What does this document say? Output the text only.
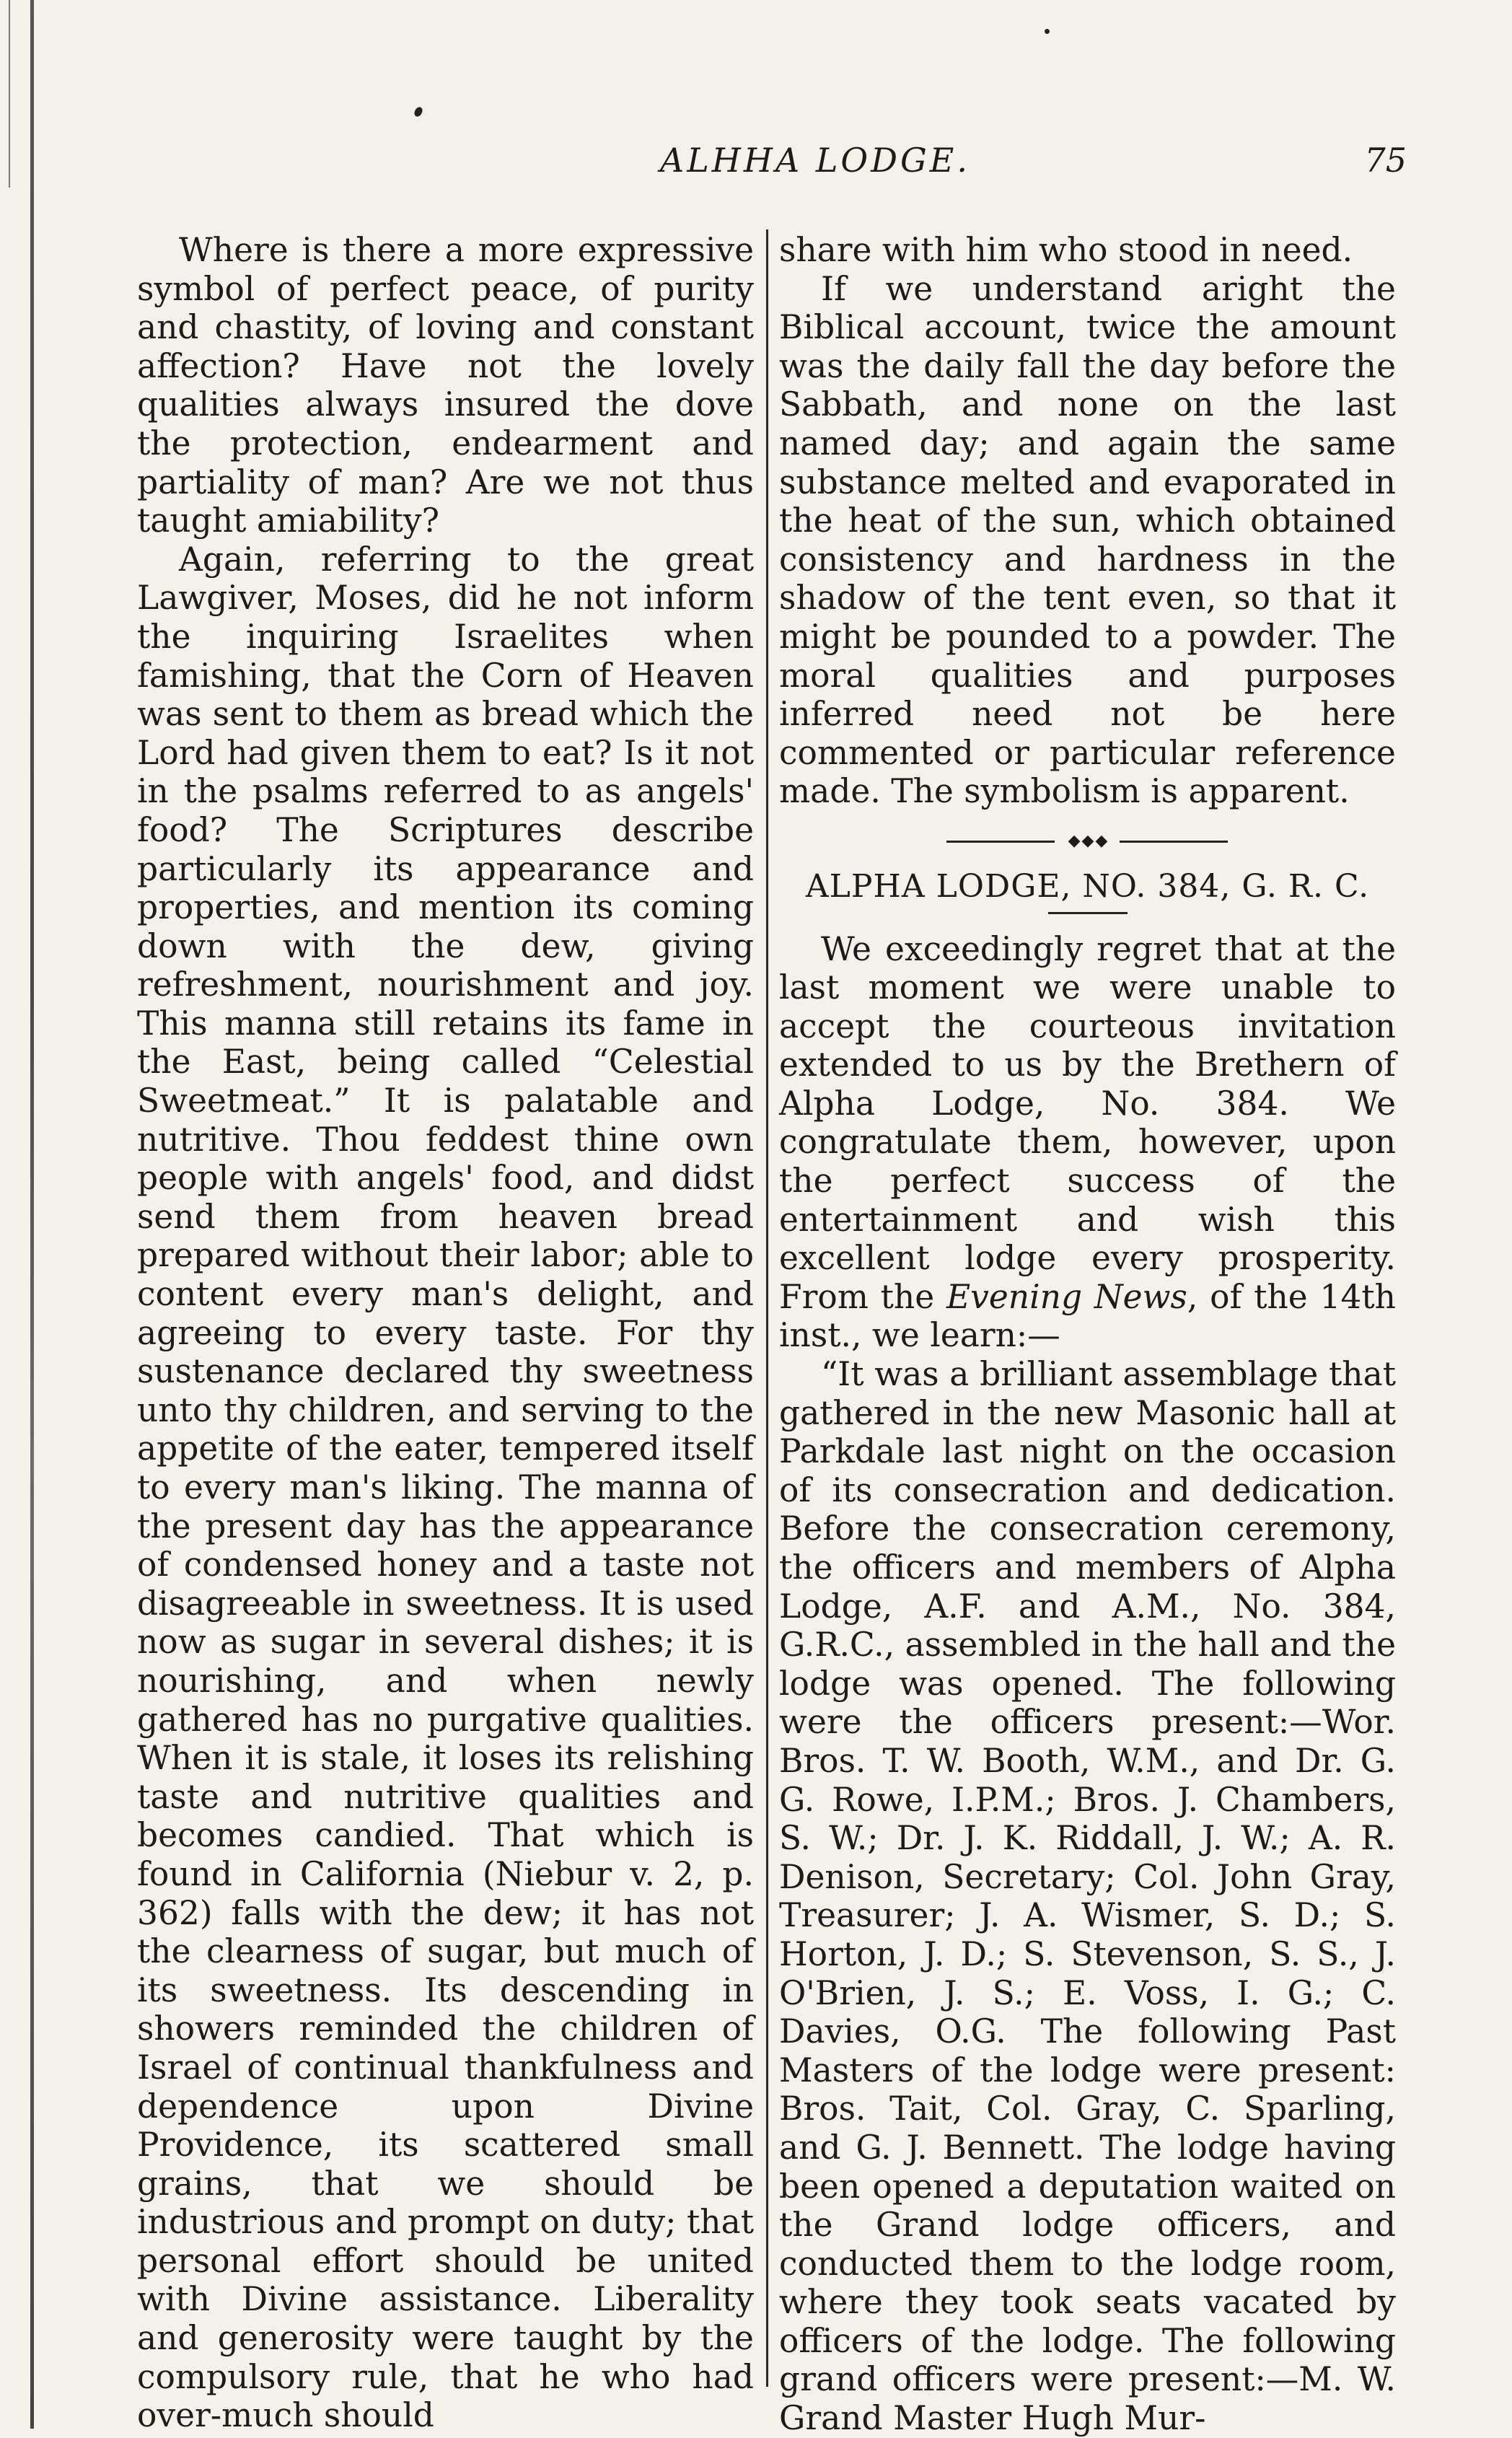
ALHHA LODGE.	75

Where is there a more expressive symbol of perfect peace, of purity and chastity, of loving and constant affection? Have not the lovely qualities always insured the dove the protection, endearment and partiality of man? Are we not thus taught amiability?

Again, referring to the great Lawgiver, Moses, did he not inform the inquiring Israelites when famishing, that the Corn of Heaven was sent to them as bread which the Lord had given them to eat? Is it not in the psalms referred to as angels' food? The Scriptures describe particularly its appearance and properties, and mention its coming down with the dew, giving refreshment, nourishment and joy. This manna still retains its fame in the East, being called “Celestial Sweetmeat.” It is palatable and nutritive. Thou feddest thine own people with angels' food, and didst send them from heaven bread prepared without their labor; able to content every man's delight, and agreeing to every taste. For thy sustenance declared thy sweetness unto thy children, and serving to the appetite of the eater, tempered itself to every man's liking. The manna of the present day has the appearance of condensed honey and a taste not disagreeable in sweetness. It is used now as sugar in several dishes; it is nourishing, and when newly gathered has no purgative qualities. When it is stale, it loses its relishing taste and nutritive qualities and becomes candied. That which is found in California (Niebur v. 2, p. 362) falls with the dew; it has not the clearness of sugar, but much of its sweetness. Its descending in showers reminded the children of Israel of continual thankfulness and dependence upon Divine Providence, its scattered small grains, that we should be industrious and prompt on duty; that personal effort should be united with Divine assistance. Liberality and generosity were taught by the compulsory rule, that he who had over-much should

share with him who stood in need.

If we understand aright the Biblical account, twice the amount was the daily fall the day before the Sabbath, and none on the last named day; and again the same substance melted and evaporated in the heat of the sun, which obtained consistency and hardness in the shadow of the tent even, so that it might be pounded to a powder. The moral qualities and purposes inferred need not be here commented or particular reference made. The symbolism is apparent.

◆◆◆

ALPHA LODGE, NO. 384, G. R. C.

We exceedingly regret that at the last moment we were unable to accept the courteous invitation extended to us by the Brethern of Alpha Lodge, No. 384. We congratulate them, however, upon the perfect success of the entertainment and wish this excellent lodge every prosperity. From the Evening News, of the 14th inst., we learn:—

“It was a brilliant assemblage that gathered in the new Masonic hall at Parkdale last night on the occasion of its consecration and dedication. Before the consecration ceremony, the officers and members of Alpha Lodge, A.F. and A.M., No. 384, G.R.C., assembled in the hall and the lodge was opened. The following were the officers present:—Wor. Bros. T. W. Booth, W.M., and Dr. G. G. Rowe, I.P.M.; Bros. J. Chambers, S. W.; Dr. J. K. Riddall, J. W.; A. R. Denison, Secretary; Col. John Gray, Treasurer; J. A. Wismer, S. D.; S. Horton, J. D.; S. Stevenson, S. S., J. O'Brien, J. S.; E. Voss, I. G.; C. Davies, O.G. The following Past Masters of the lodge were present: Bros. Tait, Col. Gray, C. Sparling, and G. J. Bennett. The lodge having been opened a deputation waited on the Grand lodge officers, and conducted them to the lodge room, where they took seats vacated by officers of the lodge. The following grand officers were present:—M. W. Grand Master Hugh Mur-
